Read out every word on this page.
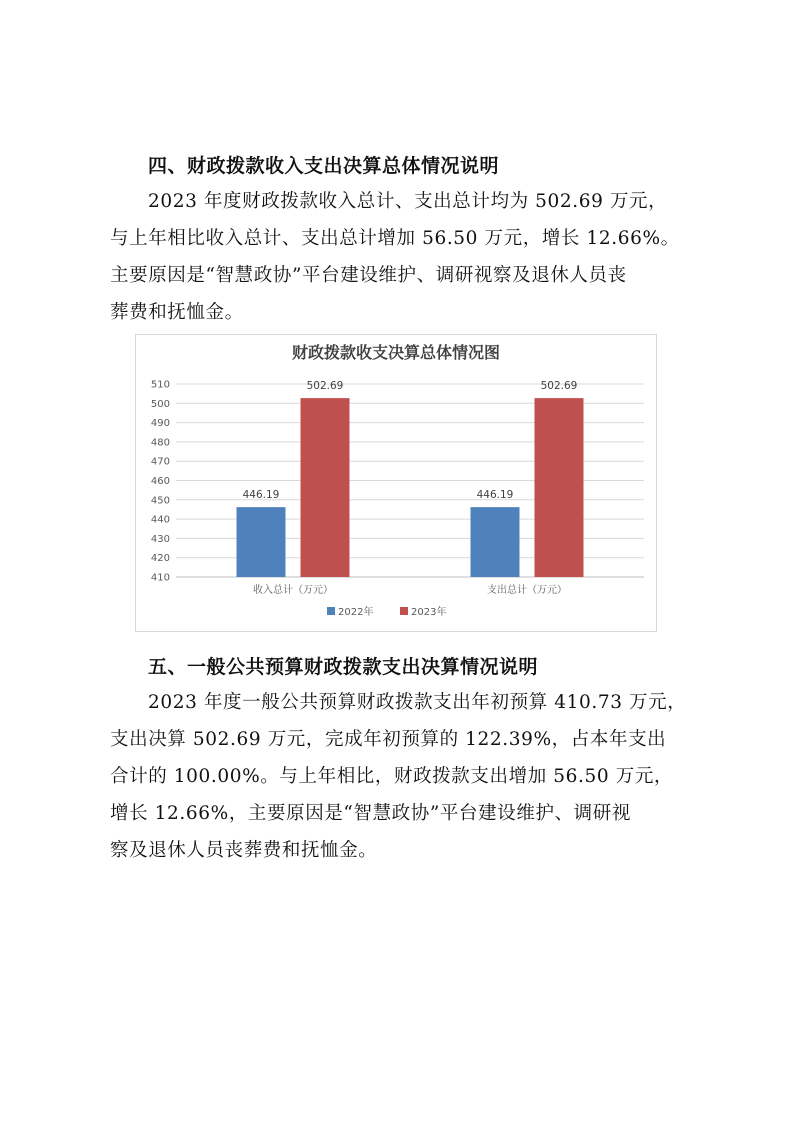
四、财政拨款收入支出决算总体情况说明
2023 年度财政拨款收入总计、支出总计均为 502.69 万元，
与上年相比收入总计、支出总计增加 56.50 万元，增长 12.66%。
主要原因是“智慧政协”平台建设维护、调研视察及退休人员丧
葬费和抚恤金。
财政拨款收支决算总体情况图
410
420
430
440
450
460
470
480
490
500
510
446.19
502.69
446.19
502.69
收入总计（万元）	支出总计（万元）
2022年	2023年
五、一般公共预算财政拨款支出决算情况说明
2023 年度一般公共预算财政拨款支出年初预算 410.73 万元，
支出决算 502.69 万元，完成年初预算的 122.39%，占本年支出
合计的 100.00%。与上年相比，财政拨款支出增加 56.50 万元，
增长 12.66%，主要原因是“智慧政协”平台建设维护、调研视
察及退休人员丧葬费和抚恤金。
